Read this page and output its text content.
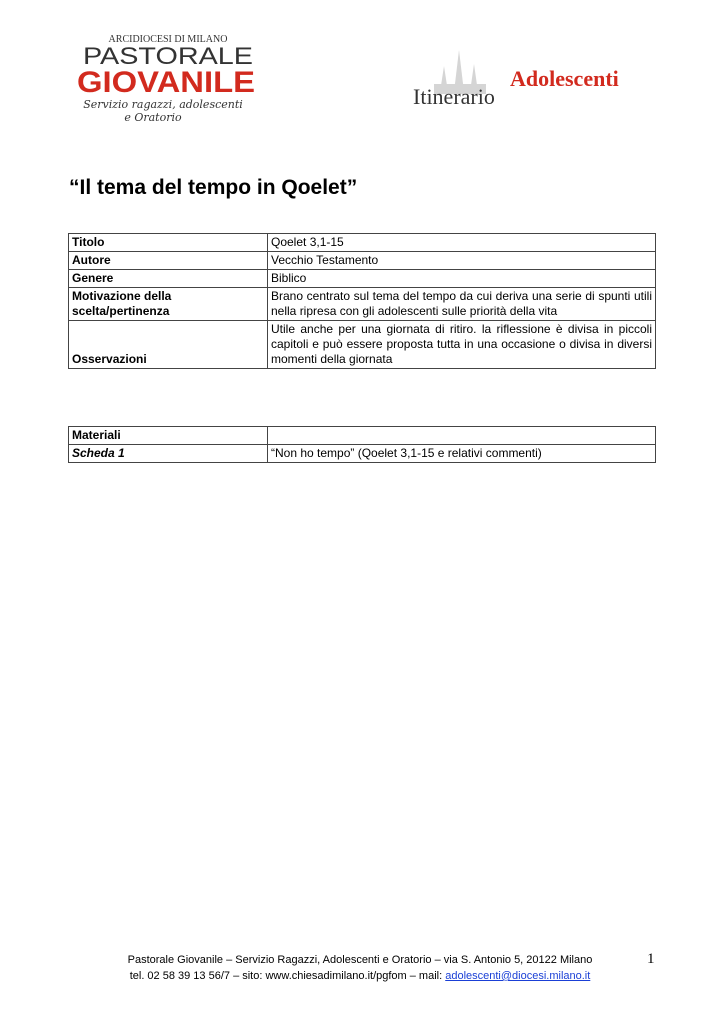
ARCIDIOCESI DI MILANO
PASTORALE
GIOVANILE
Servizio ragazzi, adolescenti
e Oratorio
Itinerario
Adolescenti
“Il tema del tempo in Qoelet”
Titolo	Qoelet 3,1-15
Autore	Vecchio Testamento
Genere	Biblico
Motivazione della
scelta/pertinenza	Brano centrato sul tema del tempo da cui deriva una serie di spunti utili nella ripresa con gli adolescenti sulle priorità della vita
Osservazioni	Utile anche per una giornata di ritiro. la riflessione è divisa in piccoli capitoli e può essere proposta tutta in una occasione o divisa in diversi momenti della giornata
Materiali	
Scheda 1	“Non ho tempo” (Qoelet 3,1-15 e relativi commenti)
Pastorale Giovanile – Servizio Ragazzi, Adolescenti e Oratorio – via S. Antonio 5, 20122 Milano
tel. 02 58 39 13 56/7 – sito: www.chiesadimilano.it/pgfom – mail: adolescenti@diocesi.milano.it
1
